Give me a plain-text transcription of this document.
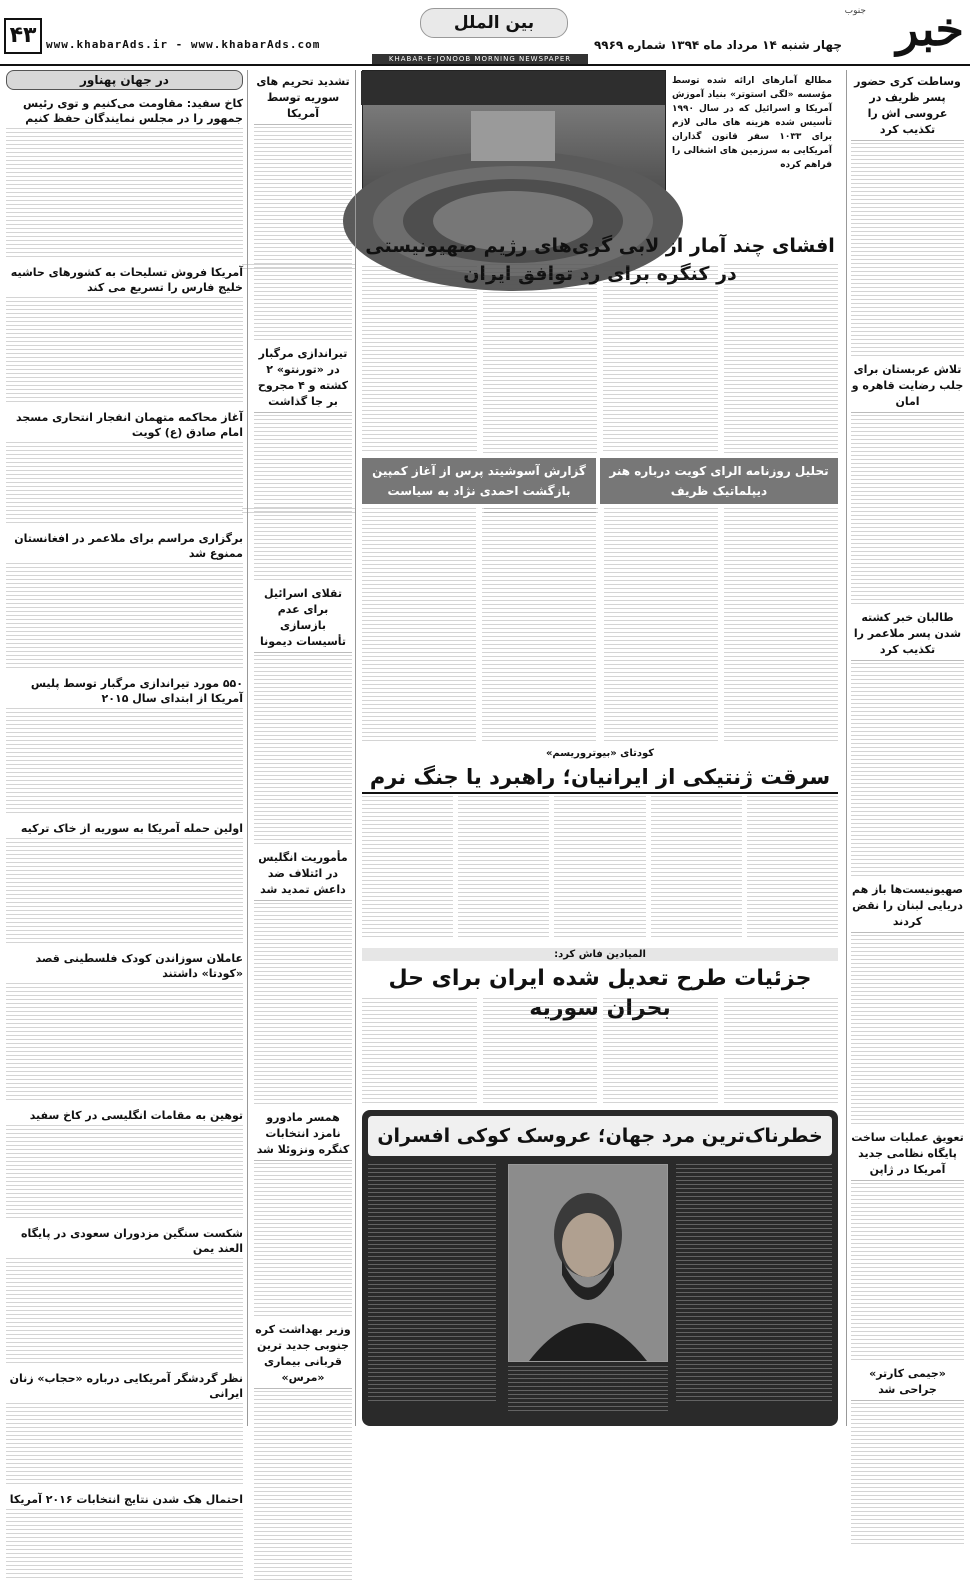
خبر
جنوب
بین الملل
چهار شنبه ۱۴ مرداد ماه ۱۳۹۴ شماره ۹۹۶۹
www.khabarAds.ir - www.khabarAds.com
۴۳
KHABAR-E-JONOOB MORNING NEWSPAPER
وساطت کری حضور پسر ظریف در عروسی اش را تکذیب کرد
تلاش عربستان برای جلب رضایت قاهره و امان
طالبان خبر کشته شدن پسر ملاعمر را تکذیب کرد
صهیونیست‌ها باز هم دریایی لبنان را نقض کردند
تعویق عملیات ساخت پایگاه نظامی جدید آمریکا در ژاپن
«جیمی کارتر» جراحی شد
مطالع آمارهای ارائه شده توسط مؤسسه «لگی استوتر» بنیاد آموزش آمریکا و اسرائیل که در سال ۱۹۹۰ تأسیس شده هزینه های مالی لازم برای ۱۰۳۳ سفر قانون گذاران آمریکایی به سرزمین های اشغالی را فراهم کرده
افشای چند آمار از لابی گری‌های رژیم صهیونیستی در کنگره برای رد توافق ایران
تحلیل روزنامه الرای کویت درباره هنر دیپلماتیک ظریف
گزارش آسوشیتد پرس از آغاز کمپین بازگشت احمدی نژاد به سیاست
کودتای «بیوتروریسم»
سرقت ژنتیکی از ایرانیان؛ راهبرد یا جنگ نرم
المیادین فاش کرد:
جزئیات طرح تعدیل شده ایران برای حل بحران سوریه
خطرناک‌ترین مرد جهان؛ عروسک کوکی افسران
تشدید تحریم های سوریه توسط آمریکا
تیراندازی مرگبار در «تورنتو» ۲ کشته و ۴ مجروح بر جا گذاشت
تقلای اسرائیل برای عدم بازسازی تأسیسات دیمونا
مأموریت انگلیس در ائتلاف ضد داعش تمدید شد
همسر مادورو نامزد انتخابات کنگره ونزوئلا شد
وزیر بهداشت کره جنوبی جدید ترین قربانی بیماری «مرس»
در جهان پهناور
کاخ سفید: مقاومت می‌کنیم و توی رئیس جمهور را در مجلس نمایندگان حفظ کنیم
آمریکا فروش تسلیحات به کشورهای حاشیه خلیج فارس را تسریع می کند
آغاز محاکمه متهمان انفجار انتحاری مسجد امام صادق (ع) کویت
برگزاری مراسم برای ملاعمر در افغانستان ممنوع شد
۵۵۰ مورد تیراندازی مرگبار توسط پلیس آمریکا از ابتدای سال ۲۰۱۵
اولین حمله آمریکا به سوریه از خاک ترکیه
عاملان سوزاندن کودک فلسطینی قصد «کودتا» داشتند
توهین به مقامات انگلیسی در کاخ سفید
شکست سنگین مزدوران سعودی در پایگاه العند یمن
نظر گردشگر آمریکایی درباره «حجاب» زنان ایرانی
احتمال هک شدن نتایج انتخابات ۲۰۱۶ آمریکا
